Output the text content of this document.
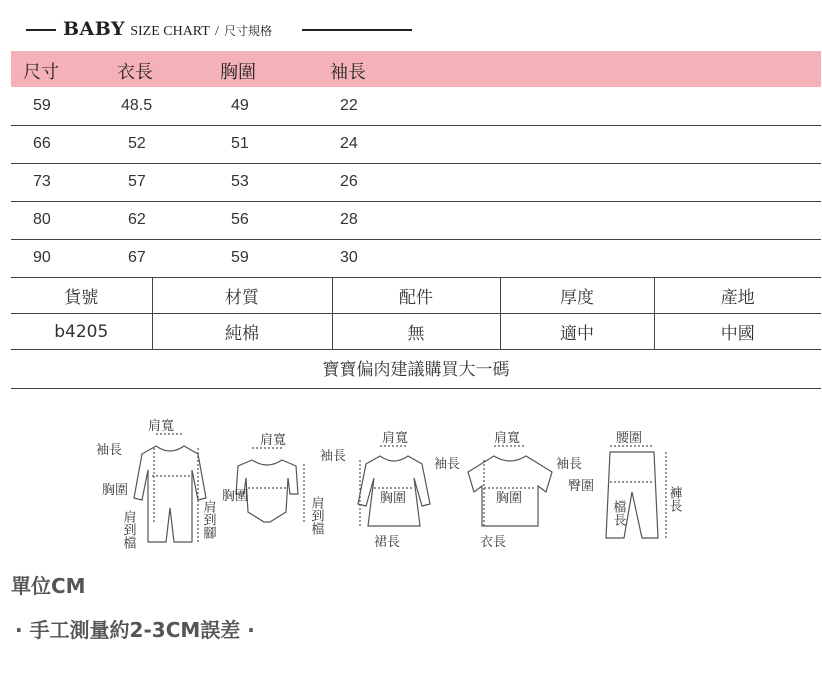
BABY SIZE CHART / 尺寸規格
尺寸	衣長	胸圍	袖長
59	48.5	49	22
66	52	51	24
73	57	53	26
80	62	56	28
90	67	59	30
貨號	材質	配件	厚度	產地
b4205	純棉	無	適中	中國
寶寶偏肉建議購買大一碼
袖長
肩寬
胸圍
肩到檔	肩到腳
肩寬
袖長
胸圍	肩到檔
肩寬
袖長
胸圍
裙長
肩寬
袖長
胸圍
衣長
腰圍
臀圍
檔長
褲長
單位CM
· 手工測量約2-3CM誤差 ·
